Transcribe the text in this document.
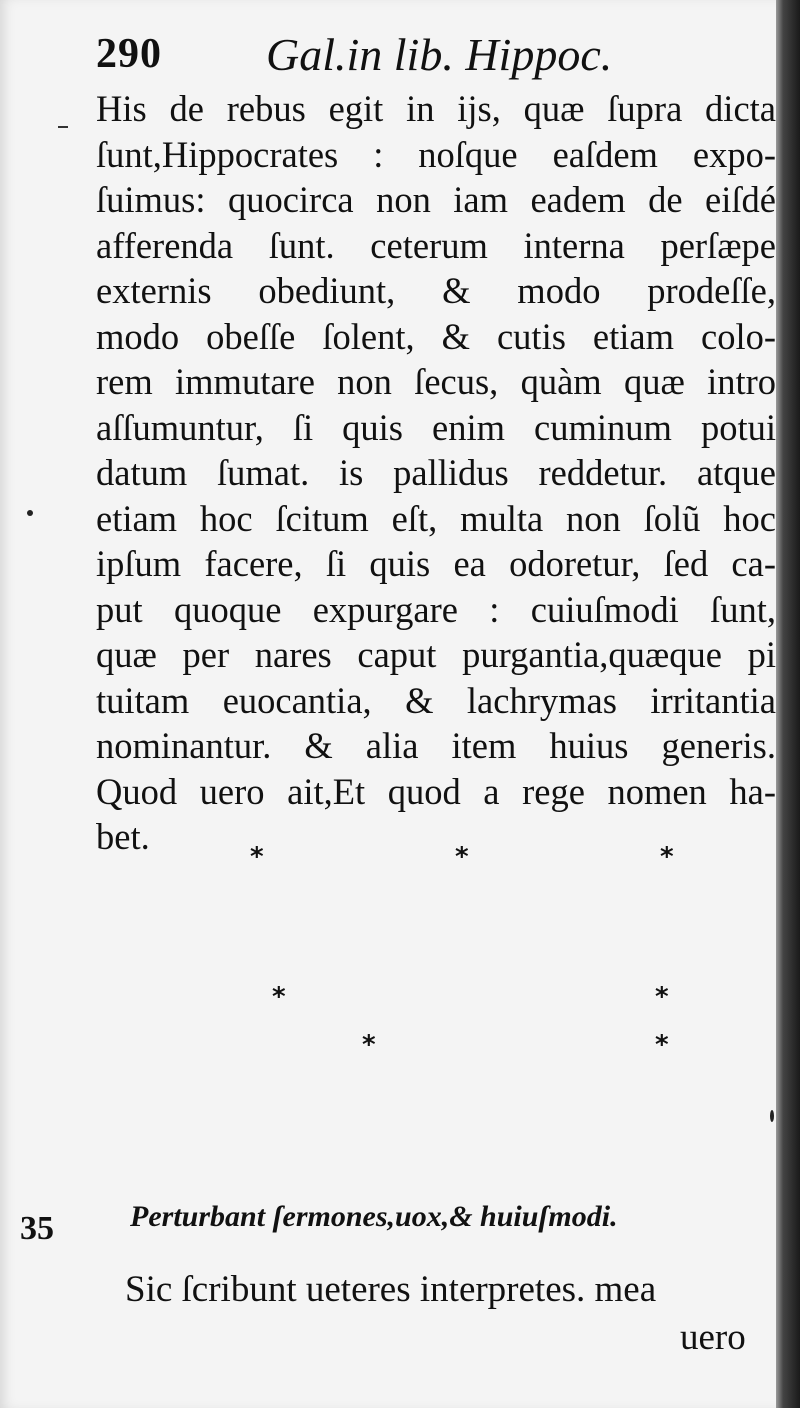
290 Gal.in lib. Hippoc.
His de rebus egit in ijs, quæ ſupra dicta
ſunt,Hippocrates : noſque eaſdem expo-
ſuimus: quocirca non iam eadem de eiſdé
afferenda ſunt. ceterum interna perſæpe
externis obediunt, & modo prodeſſe,
modo obeſſe ſolent, & cutis etiam colo-
rem immutare non ſecus, quàm quæ intro
aſſumuntur, ſi quis enim cuminum potui
datum ſumat. is pallidus reddetur. atque
etiam hoc ſcitum eſt, multa non ſolũ hoc
ipſum facere, ſi quis ea odoretur, ſed ca-
put quoque expurgare : cuiuſmodi ſunt,
quæ per nares caput purgantia,quæque pi
tuitam euocantia, & lachrymas irritantia
nominantur. & alia item huius generis.
Quod uero ait,Et quod a rege nomen ha-
bet.	*	*	*
*	*
*	*
35	Perturbant ſermones,uox,& huiuſmodi.
Sic ſcribunt ueteres interpretes. mea
uero
